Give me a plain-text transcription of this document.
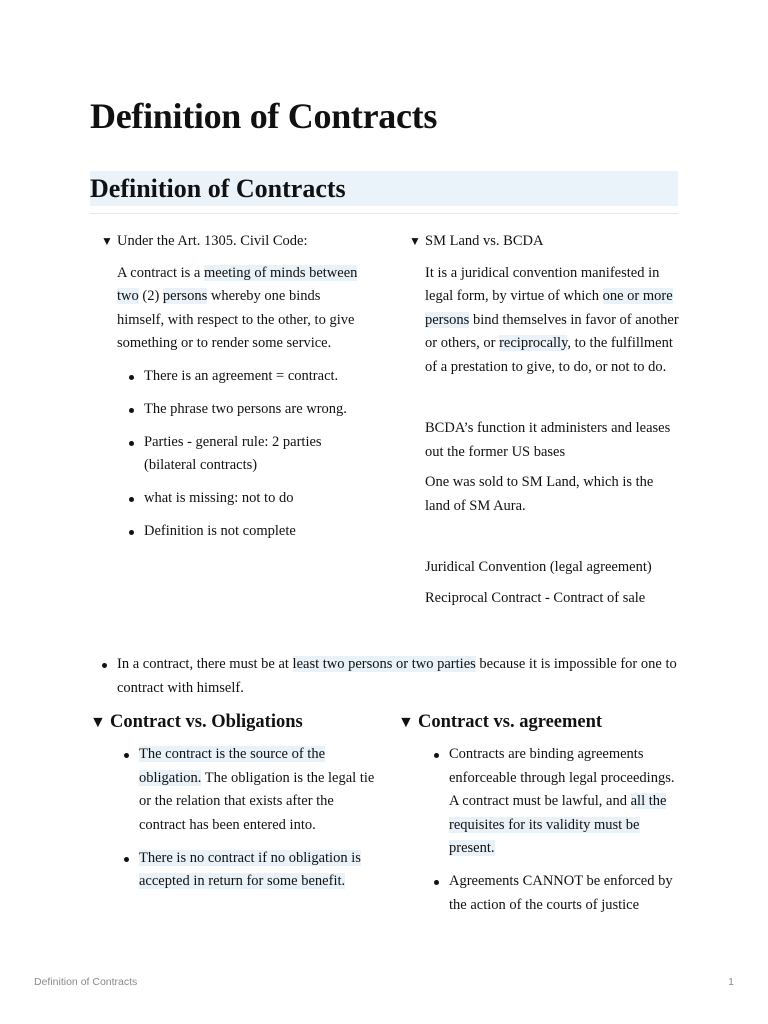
Definition of Contracts
Definition of Contracts
▼ Under the Art. 1305. Civil Code:

A contract is a meeting of minds between two (2) persons whereby one binds himself, with respect to the other, to give something or to render some service.

There is an agreement = contract.
The phrase two persons are wrong.
Parties - general rule: 2 parties (bilateral contracts)
what is missing: not to do
Definition is not complete
▼ SM Land vs. BCDA

It is a juridical convention manifested in legal form, by virtue of which one or more persons bind themselves in favor of another or others, or reciprocally, to the fulfillment of a prestation to give, to do, or not to do.

BCDA’s function it administers and leases out the former US bases

One was sold to SM Land, which is the land of SM Aura.

Juridical Convention (legal agreement)

Reciprocal Contract - Contract of sale

In a contract, there must be at least two persons or two parties because it is impossible for one to contract with himself.
▼ Contract vs. Obligations
The contract is the source of the obligation. The obligation is the legal tie or the relation that exists after the contract has been entered into.
There is no contract if no obligation is accepted in return for some benefit.
▼ Contract vs. agreement
Contracts are binding agreements enforceable through legal proceedings. A contract must be lawful, and all the requisites for its validity must be present.
Agreements CANNOT be enforced by the action of the courts of justice
Definition of Contracts	1
